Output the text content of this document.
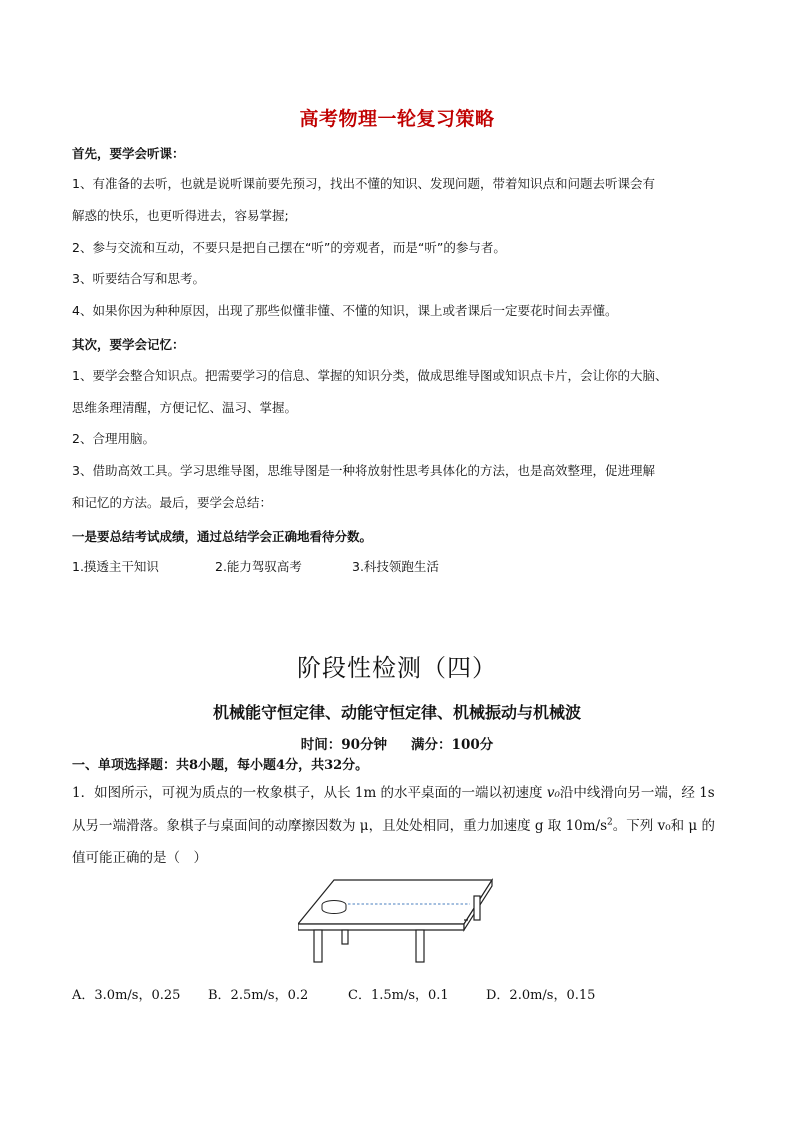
高考物理一轮复习策略
首先，要学会听课：
1、有准备的去听，也就是说听课前要先预习，找出不懂的知识、发现问题，带着知识点和问题去听课会有
解惑的快乐，也更听得进去，容易掌握;
2、参与交流和互动，不要只是把自己摆在“听”的旁观者，而是“听”的参与者。
3、听要结合写和思考。
4、如果你因为种种原因，出现了那些似懂非懂、不懂的知识，课上或者课后一定要花时间去弄懂。
其次，要学会记忆：
1、要学会整合知识点。把需要学习的信息、掌握的知识分类，做成思维导图或知识点卡片，会让你的大脑、
思维条理清醒，方便记忆、温习、掌握。
2、合理用脑。
3、借助高效工具。学习思维导图，思维导图是一种将放射性思考具体化的方法，也是高效整理，促进理解
和记忆的方法。最后，要学会总结：
一是要总结考试成绩，通过总结学会正确地看待分数。
1.摸透主干知识	2.能力驾驭高考	3.科技领跑生活
阶段性检测（四）
机械能守恒定律、动能守恒定律、机械振动与机械波
时间：90分钟 满分：100分
一、单项选择题：共8小题，每小题4分，共32分。
1．如图所示，可视为质点的一枚象棋子，从长 1m 的水平桌面的一端以初速度 v₀沿中线滑向另一端，经 1s
从另一端滑落。象棋子与桌面间的动摩擦因数为 μ，且处处相同，重力加速度 g 取 $10m/s^2$。下列 v₀和 μ 的
值可能正确的是（　）
A．3.0m/s，0.25 B．2.5m/s，0.2	C．1.5m/s，0.1	D．2.0m/s，0.15
